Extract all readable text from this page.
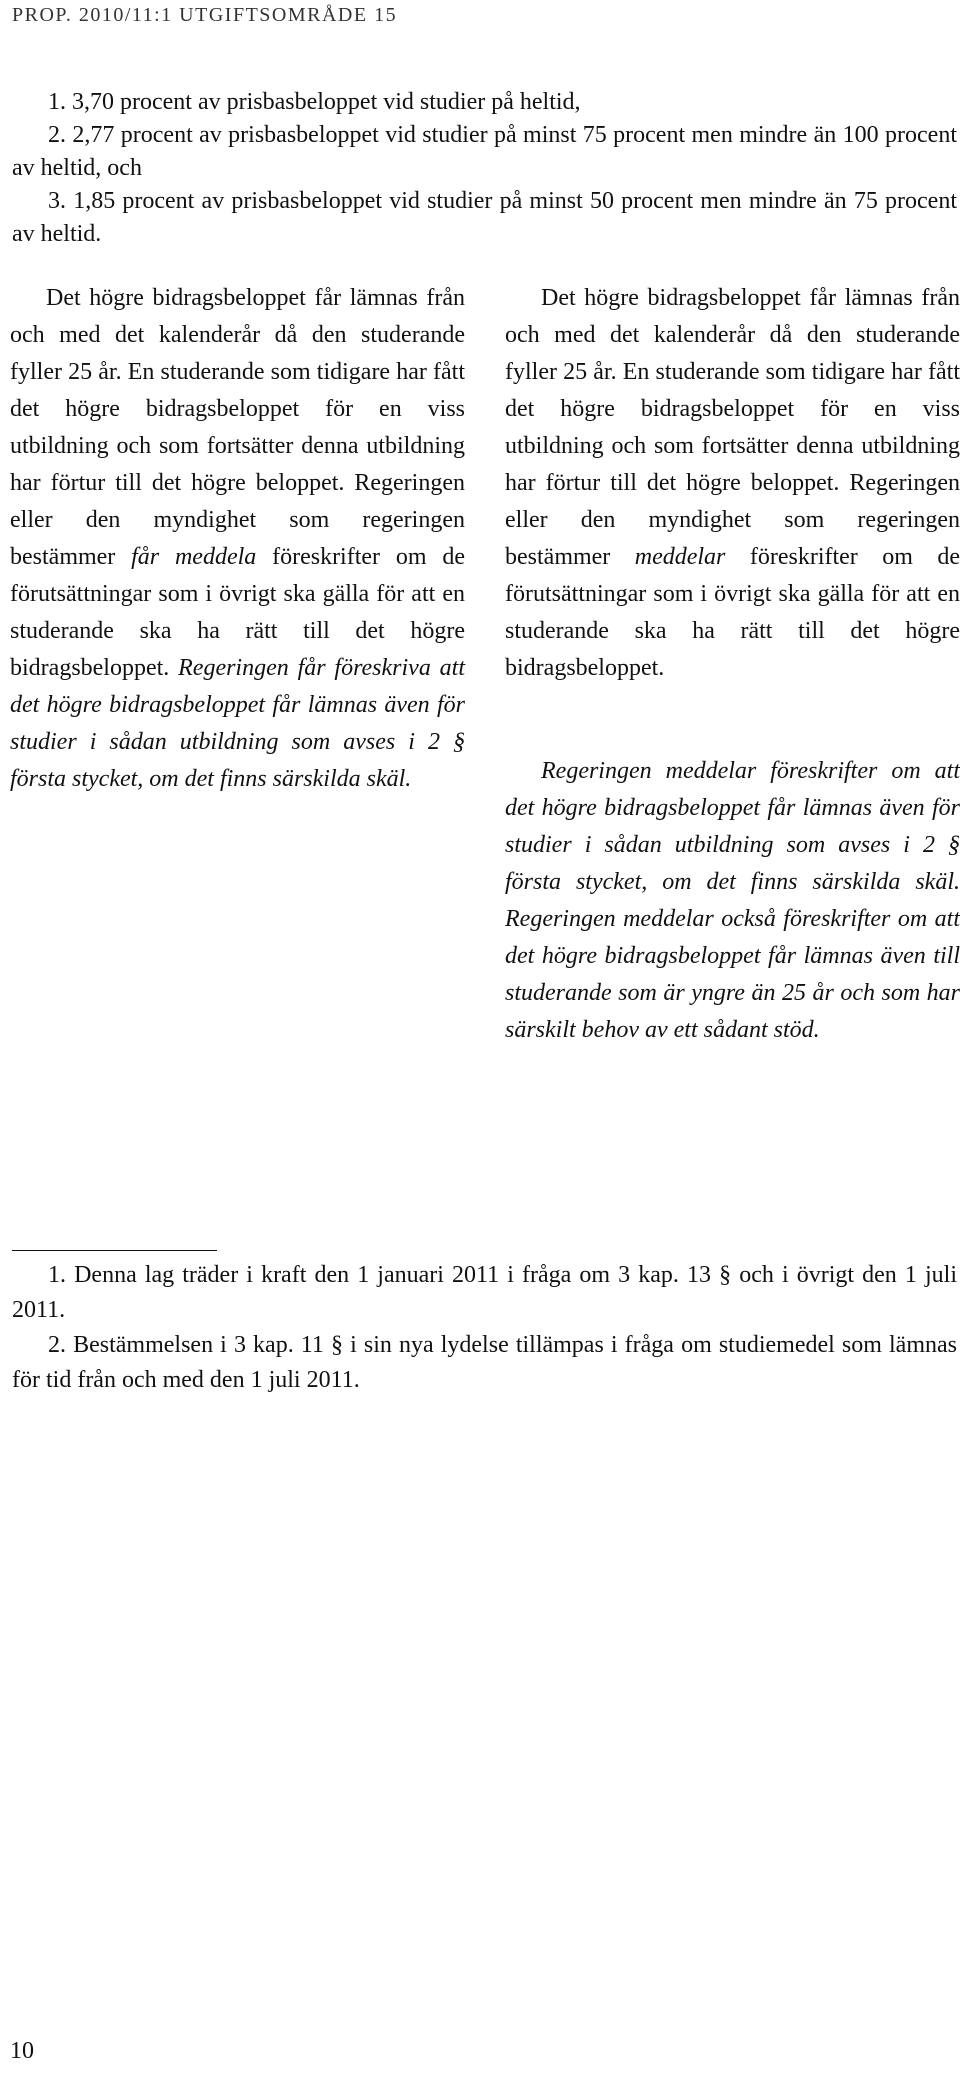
PROP. 2010/11:1 UTGIFTSOMRÅDE 15

1. 3,70 procent av prisbasbeloppet vid studier på heltid,

2. 2,77 procent av prisbasbeloppet vid studier på minst 75 procent men mindre än 100 procent av heltid, och

3. 1,85 procent av prisbasbeloppet vid studier på minst 50 procent men mindre än 75 procent av heltid.

Det högre bidragsbeloppet får lämnas från och med det kalenderår då den studerande fyller 25 år. En studerande som tidigare har fått det högre bidragsbeloppet för en viss utbildning och som fortsätter denna utbildning har förtur till det högre beloppet. Regeringen eller den myndighet som regeringen bestämmer får meddela föreskrifter om de förutsättningar som i övrigt ska gälla för att en studerande ska ha rätt till det högre bidragsbeloppet. Regeringen får föreskriva att det högre bidragsbeloppet får lämnas även för studier i sådan utbildning som avses i 2 § första stycket, om det finns särskilda skäl.

Det högre bidragsbeloppet får lämnas från och med det kalenderår då den studerande fyller 25 år. En studerande som tidigare har fått det högre bidragsbeloppet för en viss utbildning och som fortsätter denna utbildning har förtur till det högre beloppet. Regeringen eller den myndighet som regeringen bestämmer meddelar föreskrifter om de förutsättningar som i övrigt ska gälla för att en studerande ska ha rätt till det högre bidragsbeloppet.

Regeringen meddelar föreskrifter om att det högre bidragsbeloppet får lämnas även för studier i sådan utbildning som avses i 2 § första stycket, om det finns särskilda skäl. Regeringen meddelar också föreskrifter om att det högre bidragsbeloppet får lämnas även till studerande som är yngre än 25 år och som har särskilt behov av ett sådant stöd.

1. Denna lag träder i kraft den 1 januari 2011 i fråga om 3 kap. 13 § och i övrigt den 1 juli 2011.

2. Bestämmelsen i 3 kap. 11 § i sin nya lydelse tillämpas i fråga om studiemedel som lämnas för tid från och med den 1 juli 2011.

10
